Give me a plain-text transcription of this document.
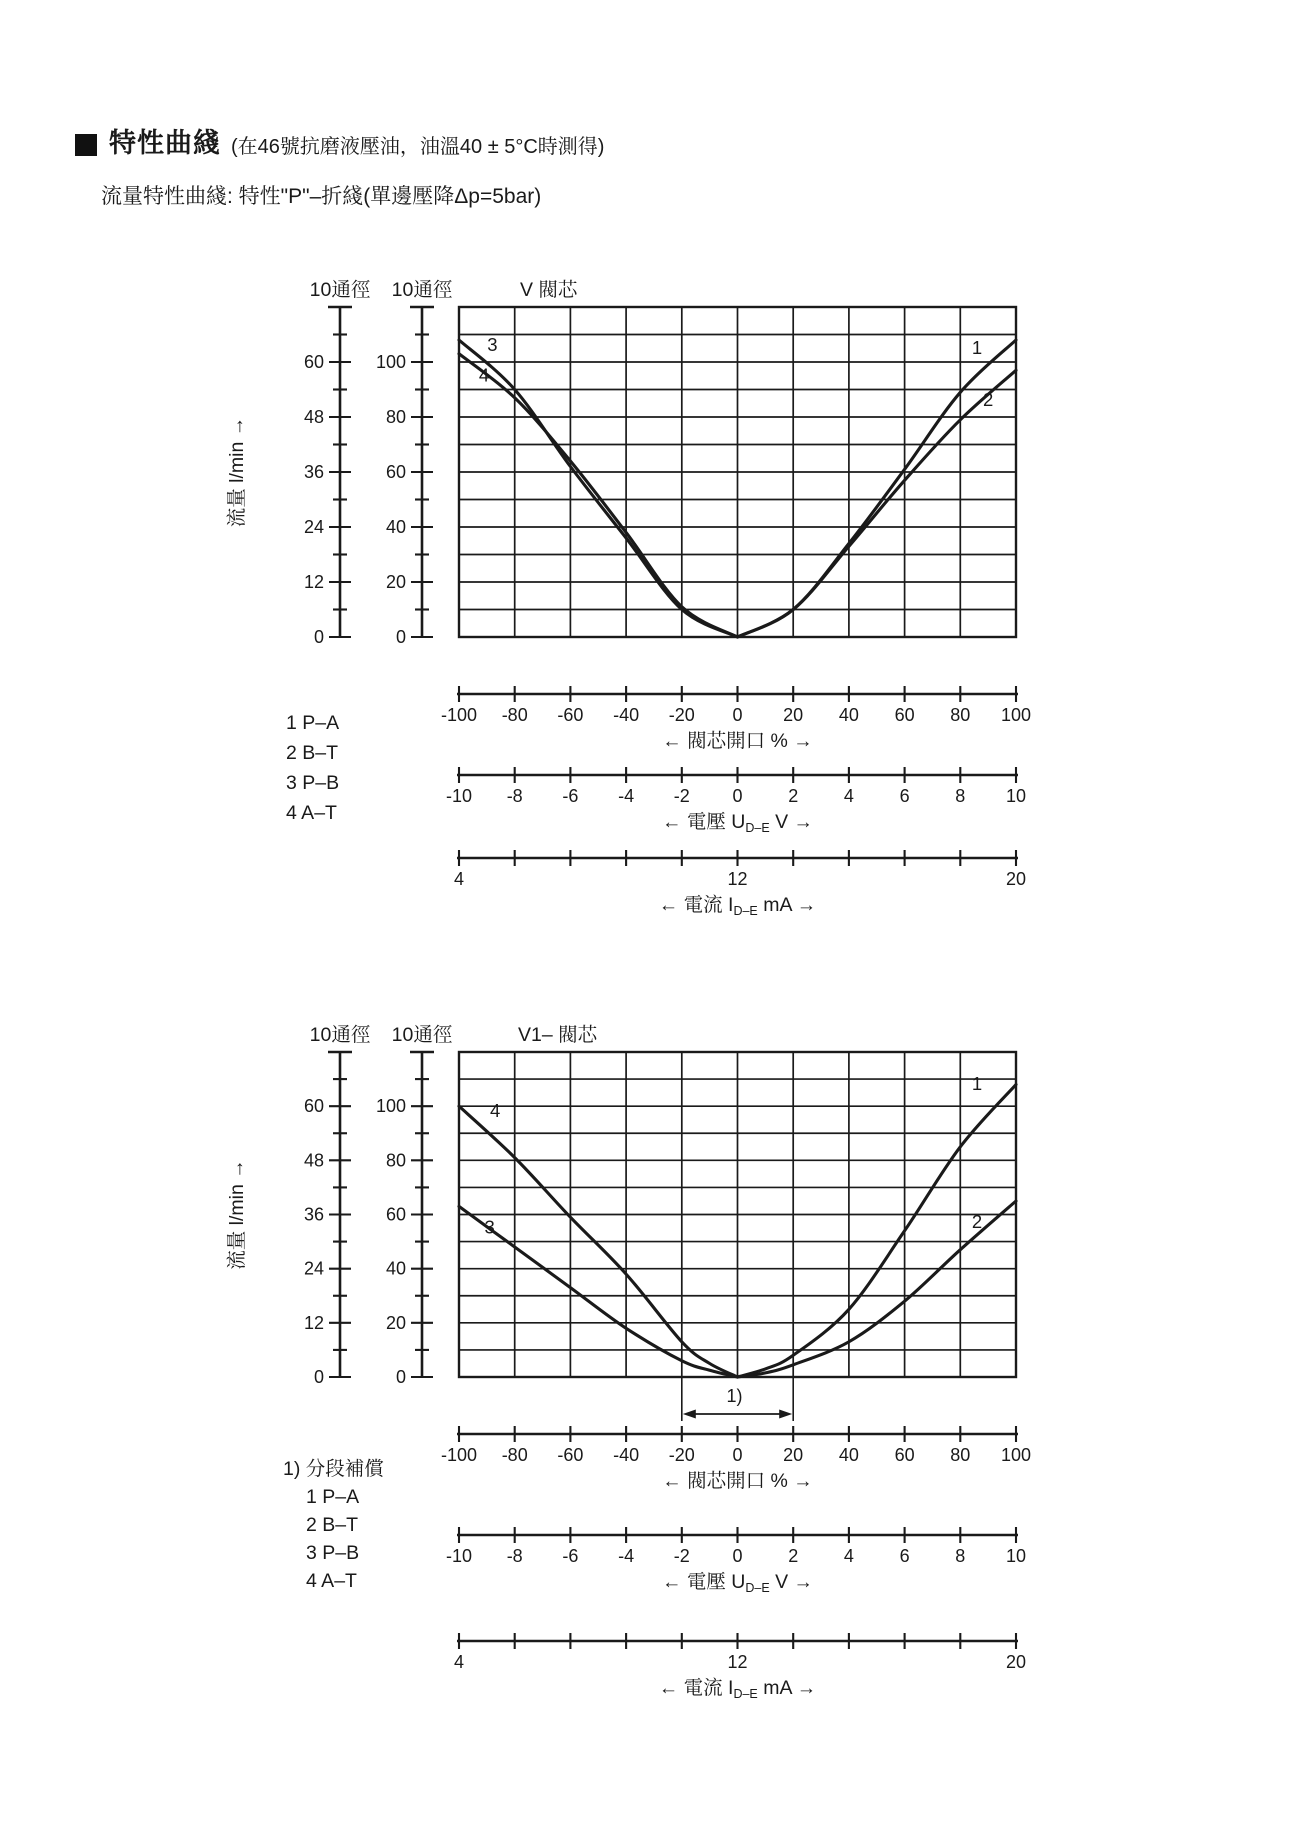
特性曲綫 (在46號抗磨液壓油，油溫40 ± 5°C時測得)
流量特性曲綫: 特性"P"–折綫(單邊壓降Δp=5bar)
10通徑 10通徑	V 閥芯
流量 l/min →
0
12
24
36
48
60
0
20
40
60
80
100
1
2
3
4
-100 -80 -60 -40 -20 0 20 40 60 80 100
← 閥芯開口 % →
-10 -8 -6 -4 -2 0	2	4	6	8 10
← 電壓 $U_{D-E}$ V →
4	12	20
← 電流 $I_{D-E}$ mA →
1 P–A
2 B–T
3 P–B
4 A–T
10通徑 10通徑	V1– 閥芯
流量 l/min →
0
12
24
36
48
60
0
20
40
60
80
100
1
2
3
4
1)
-100 -80 -60 -40 -20 0 20 40 60 80 100
← 閥芯開口 % →
-10 -8 -6 -4 -2 0	2	4	6	8 10
← 電壓 $U_{D-E}$ V →
4	12	20
← 電流 $I_{D-E}$ mA →
1) 分段補償
1 P–A
2 B–T
3 P–B
4 A–T
